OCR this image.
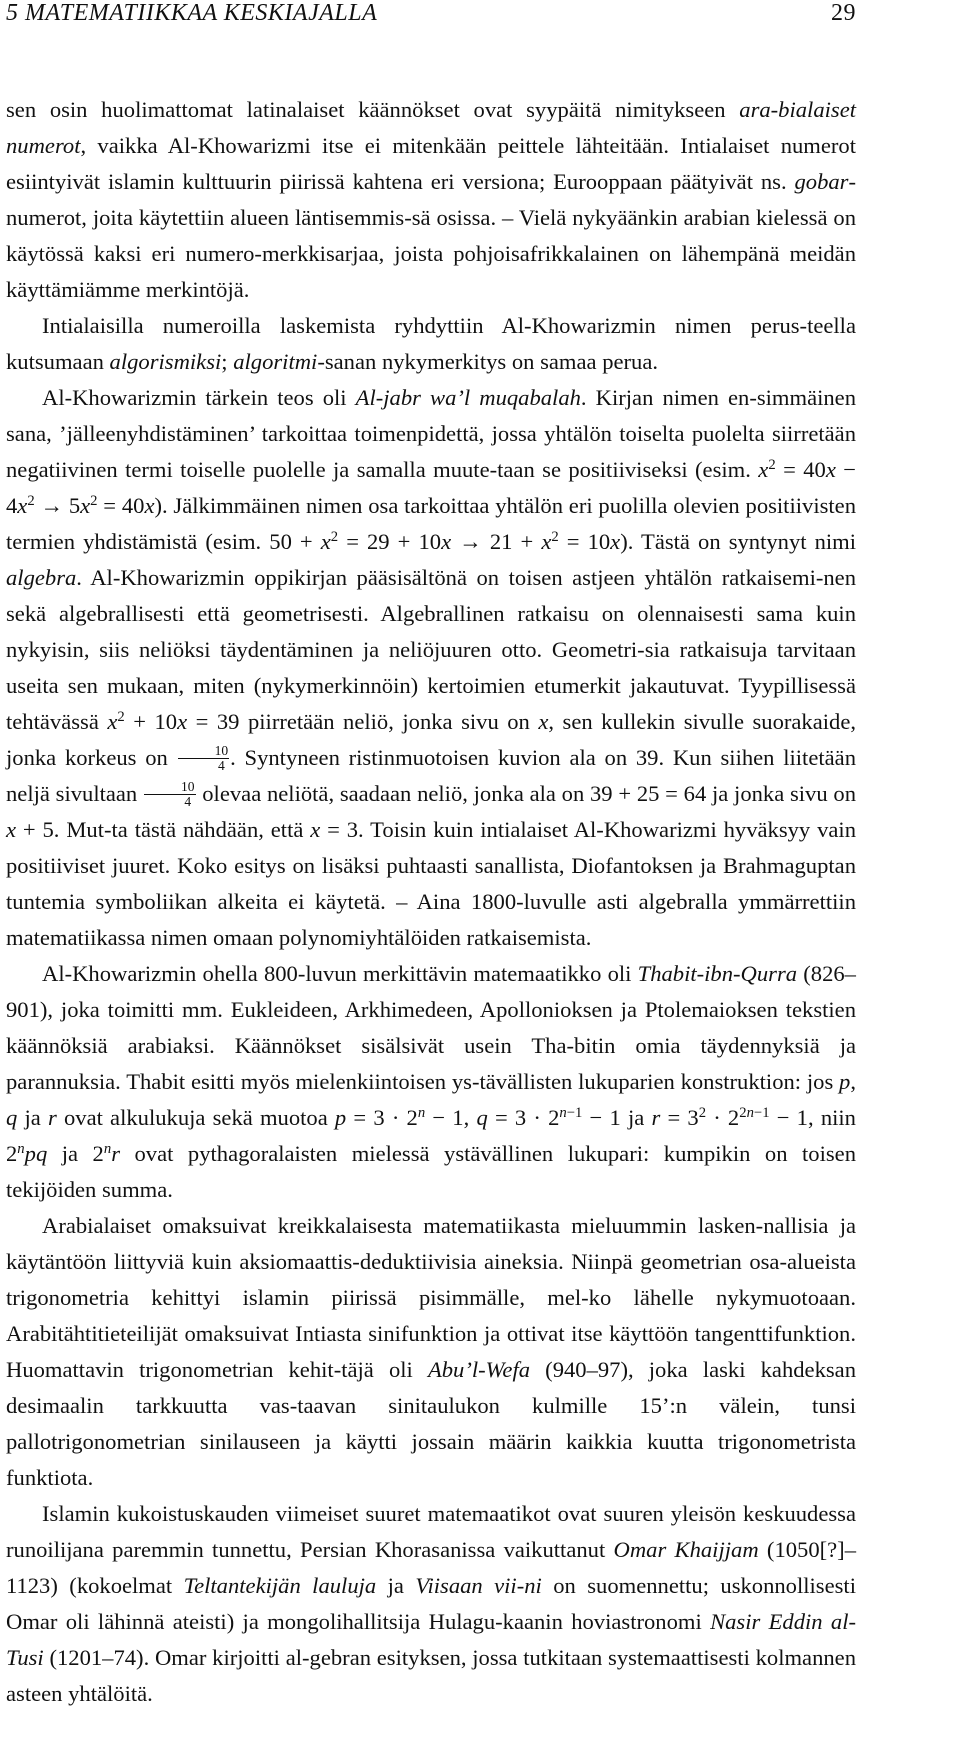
5 MATEMATIIKKAA KESKIAJALLA	29

sen osin huolimattomat latinalaiset käännökset ovat syypäitä nimitykseen ara-bialaiset numerot, vaikka Al-Khowarizmi itse ei mitenkään peittele lähteitään. Intialaiset numerot esiintyivät islamin kulttuurin piirissä kahtena eri versiona; Eurooppaan päätyivät ns. gobar-numerot, joita käytettiin alueen läntisemmis-sä osissa. – Vielä nykyäänkin arabian kielessä on käytössä kaksi eri numero-merkkisarjaa, joista pohjoisafrikkalainen on lähempänä meidän käyttämiämme merkintöjä.

Intialaisilla numeroilla laskemista ryhdyttiin Al-Khowarizmin nimen perus-teella kutsumaan algorismiksi; algoritmi-sanan nykymerkitys on samaa perua.

Al-Khowarizmin tärkein teos oli Al-jabr wa’l muqabalah. Kirjan nimen en-simmäinen sana, ’jälleenyhdistäminen’ tarkoittaa toimenpidettä, jossa yhtälön toiselta puolelta siirretään negatiivinen termi toiselle puolelle ja samalla muute-taan se positiiviseksi (esim. $x^2 = 40x - 4x^2 \to 5x^2 = 40x$). Jälkimmäinen nimen osa tarkoittaa yhtälön eri puolilla olevien positiivisten termien yhdistämistä (esim. $50 + x^2 = 29 + 10x \to 21 + x^2 = 10x$). Tästä on syntynyt nimi algebra. Al-Khowarizmin oppikirjan pääsisältönä on toisen astjeen yhtälön ratkaisemi-nen sekä algebrallisesti että geometrisesti. Algebrallinen ratkaisu on olennaisesti sama kuin nykyisin, siis neliöksi täydentäminen ja neliöjuuren otto. Geometri-sia ratkaisuja tarvitaan useita sen mukaan, miten (nykymerkinnöin) kertoimien etumerkit jakautuvat. Tyypillisessä tehtävässä $x^2 + 10x = 39$ piirretään neliö, jonka sivu on x, sen kullekin sivulle suorakaide, jonka korkeus on $\frac{10}{4}$ . Syntyneen ristinmuotoisen kuvion ala on 39. Kun siihen liitetään neljä sivultaan $\frac{10}{4}$ olevaa neliötä, saadaan neliö, jonka ala on 39 + 25 = 64 ja jonka sivu on x + 5. Mut-ta tästä nähdään, että x = 3. Toisin kuin intialaiset Al-Khowarizmi hyväksyy vain positiiviset juuret. Koko esitys on lisäksi puhtaasti sanallista, Diofantoksen ja Brahmaguptan tuntemia symboliikan alkeita ei käytetä. – Aina 1800-luvulle asti algebralla ymmärrettiin matematiikassa nimen omaan polynomiyhtälöiden ratkaisemista.

Al-Khowarizmin ohella 800-luvun merkittävin matemaatikko oli Thabit-ibn-Qurra (826–901), joka toimitti mm. Eukleideen, Arkhimedeen, Apollonioksen ja Ptolemaioksen tekstien käännöksiä arabiaksi. Käännökset sisälsivät usein Tha-bitin omia täydennyksiä ja parannuksia. Thabit esitti myös mielenkiintoisen ys-tävällisten lukuparien konstruktion: jos p, q ja r ovat alkulukuja sekä muotoa $p = 3 \cdot 2^n - 1$, $q = 3 \cdot 2^{n-1} - 1$ ja $r = 3^2 \cdot 2^{2n-1} - 1$, niin 2$^n$pq ja 2$^n$r ovat pythagoralaisten mielessä ystävällinen lukupari: kumpikin on toisen tekijöiden summa.

Arabialaiset omaksuivat kreikkalaisesta matematiikasta mieluummin lasken-nallisia ja käytäntöön liittyviä kuin aksiomaattis-deduktiivisia aineksia. Niinpä geometrian osa-alueista trigonometria kehittyi islamin piirissä pisimmälle, mel-ko lähelle nykymuotoaan. Arabitähtitieteilijät omaksuivat Intiasta sinifunktion ja ottivat itse käyttöön tangenttifunktion. Huomattavin trigonometrian kehit-täjä oli Abu’l-Wefa (940–97), joka laski kahdeksan desimaalin tarkkuutta vas-taavan sinitaulukon kulmille 15’:n välein, tunsi pallotrigonometrian sinilauseen ja käytti jossain määrin kaikkia kuutta trigonometrista funktiota.

Islamin kukoistuskauden viimeiset suuret matemaatikot ovat suuren yleisön keskuudessa runoilijana paremmin tunnettu, Persian Khorasanissa vaikuttanut Omar Khaijjam (1050[?]–1123) (kokoelmat Teltantekijän lauluja ja Viisaan vii-ni on suomennettu; uskonnollisesti Omar oli lähinnä ateisti) ja mongolihallitsija Hulagu-kaanin hoviastronomi Nasir Eddin al-Tusi (1201–74). Omar kirjoitti al-gebran esityksen, jossa tutkitaan systemaattisesti kolmannen asteen yhtälöitä.
